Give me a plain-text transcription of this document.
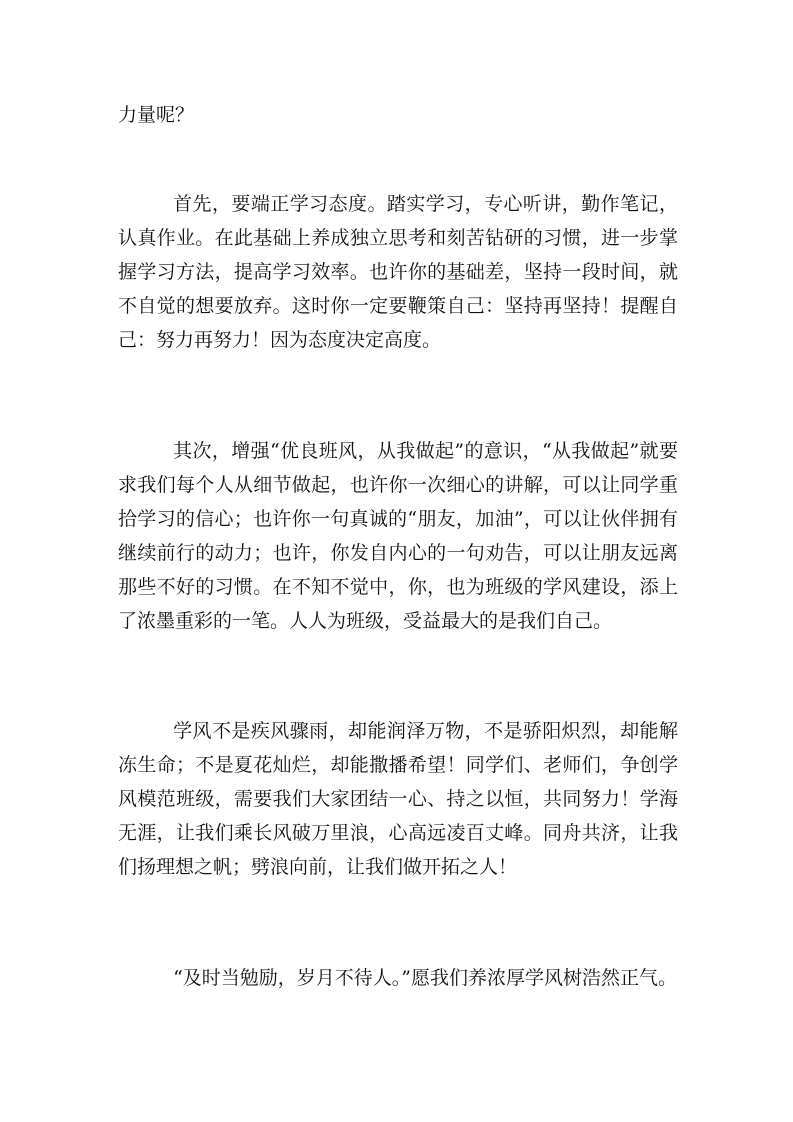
力量呢？

首先，要端正学习态度。踏实学习，专心听讲，勤作笔记，认真作业。在此基础上养成独立思考和刻苦钻研的习惯，进一步掌握学习方法，提高学习效率。也许你的基础差，坚持一段时间，就不自觉的想要放弃。这时你一定要鞭策自己：坚持再坚持！提醒自己：努力再努力！因为态度决定高度。

其次，增强“优良班风，从我做起”的意识，“从我做起”就要求我们每个人从细节做起，也许你一次细心的讲解，可以让同学重拾学习的信心；也许你一句真诚的“朋友，加油”，可以让伙伴拥有继续前行的动力；也许，你发自内心的一句劝告，可以让朋友远离那些不好的习惯。在不知不觉中，你，也为班级的学风建设，添上了浓墨重彩的一笔。人人为班级，受益最大的是我们自己。

学风不是疾风骤雨，却能润泽万物，不是骄阳炽烈，却能解冻生命；不是夏花灿烂，却能撒播希望！同学们、老师们，争创学风模范班级，需要我们大家团结一心、持之以恒，共同努力！学海无涯，让我们乘长风破万里浪，心高远凌百丈峰。同舟共济，让我们扬理想之帆；劈浪向前，让我们做开拓之人！

“及时当勉励，岁月不待人。”愿我们养浓厚学风树浩然正气。
